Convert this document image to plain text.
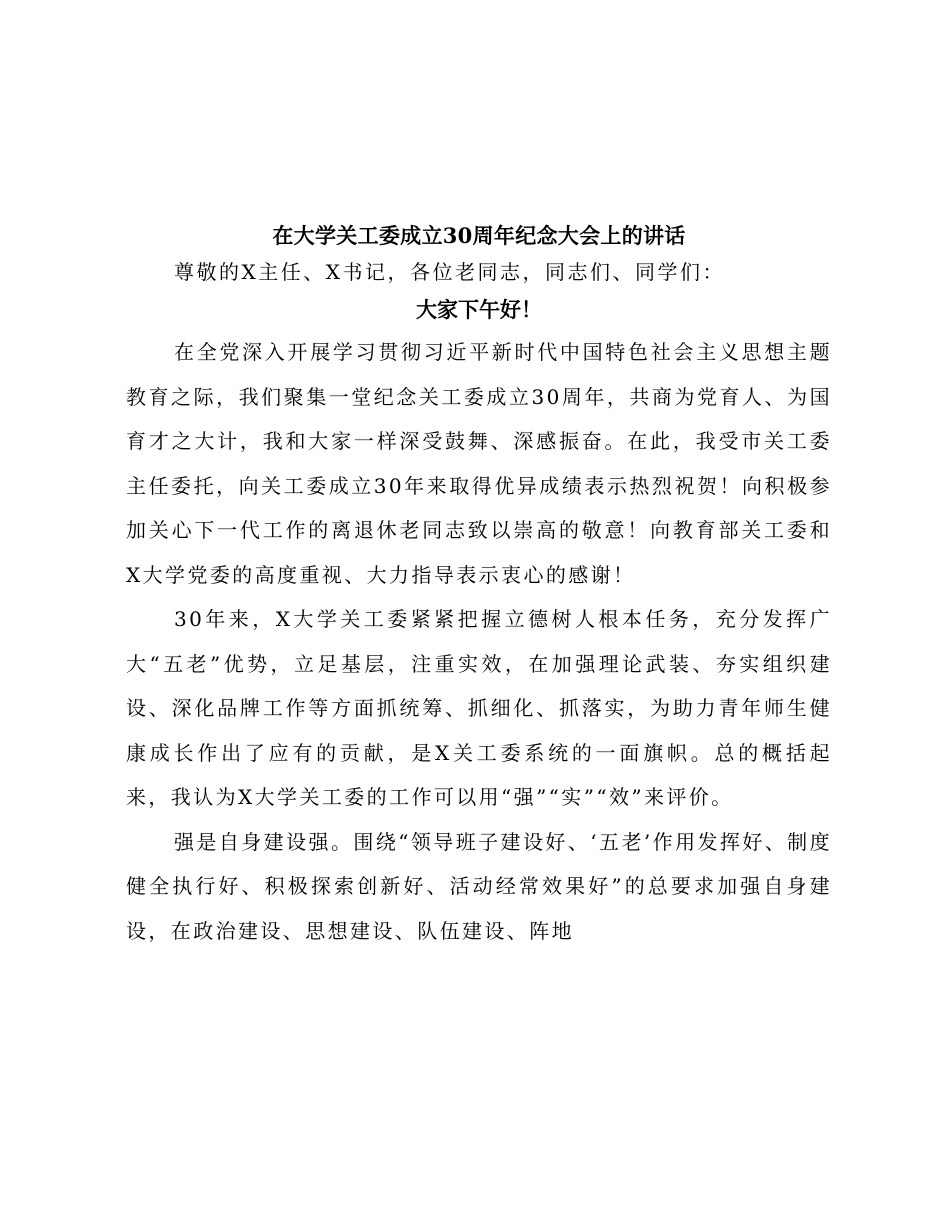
在大学关工委成立30周年纪念大会上的讲话

尊敬的X主任、X书记，各位老同志，同志们、同学们：

大家下午好！

在全党深入开展学习贯彻习近平新时代中国特色社会主义思想主题教育之际，我们聚集一堂纪念关工委成立30周年，共商为党育人、为国育才之大计，我和大家一样深受鼓舞、深感振奋。在此，我受市关工委主任委托，向关工委成立30年来取得优异成绩表示热烈祝贺！向积极参加关心下一代工作的离退休老同志致以崇高的敬意！向教育部关工委和X大学党委的高度重视、大力指导表示衷心的感谢！

30年来，X大学关工委紧紧把握立德树人根本任务，充分发挥广大“五老”优势，立足基层，注重实效，在加强理论武装、夯实组织建设、深化品牌工作等方面抓统筹、抓细化、抓落实，为助力青年师生健康成长作出了应有的贡献，是X关工委系统的一面旗帜。总的概括起来，我认为X大学关工委的工作可以用“强”“实”“效”来评价。

强是自身建设强。围绕“领导班子建设好、‘五老’作用发挥好、制度健全执行好、积极探索创新好、活动经常效果好”的总要求加强自身建设，在政治建设、思想建设、队伍建设、阵地
